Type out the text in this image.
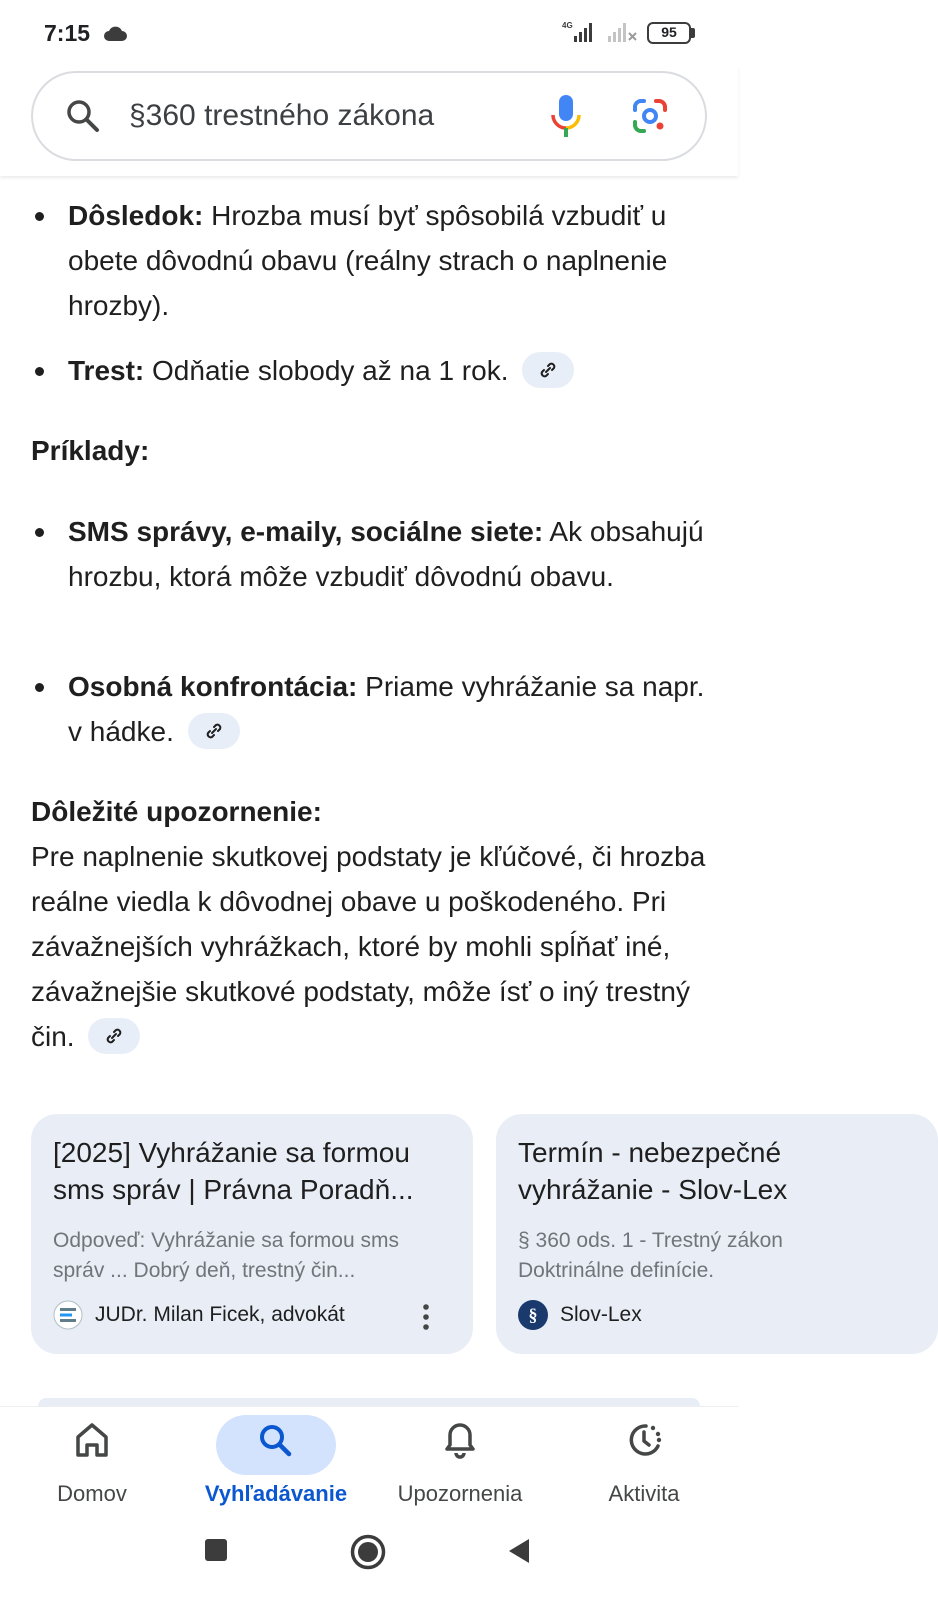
7:15	4G	95
§360 trestného zákona
Dôsledok: Hrozba musí byť spôsobilá vzbudiť u obete dôvodnú obavu (reálny strach o naplnenie hrozby).
Trest: Odňatie slobody až na 1 rok.
Príklady:
SMS správy, e-maily, sociálne siete: Ak obsahujú hrozbu, ktorá môže vzbudiť dôvodnú obavu.
Osobná konfrontácia: Priame vyhrážanie sa napr. v hádke.
Dôležité upozornenie:
Pre naplnenie skutkovej podstaty je kľúčové, či hrozba reálne viedla k dôvodnej obave u poškodeného. Pri závažnejších vyhrážkach, ktoré by mohli spĺňať iné, závažnejšie skutkové podstaty, môže ísť o iný trestný čin.
[2025] Vyhrážanie sa formou sms správ | Právna Poradň...
Odpoveď: Vyhrážanie sa formou sms správ ... Dobrý deň, trestný čin...
JUDr. Milan Ficek, advokát
Termín - nebezpečné vyhrážanie - Slov-Lex
§ 360 ods. 1 - Trestný zákon Doktrinálne definície.
§ Slov-Lex
Domov	Vyhľadávanie	Upozornenia	Aktivita
